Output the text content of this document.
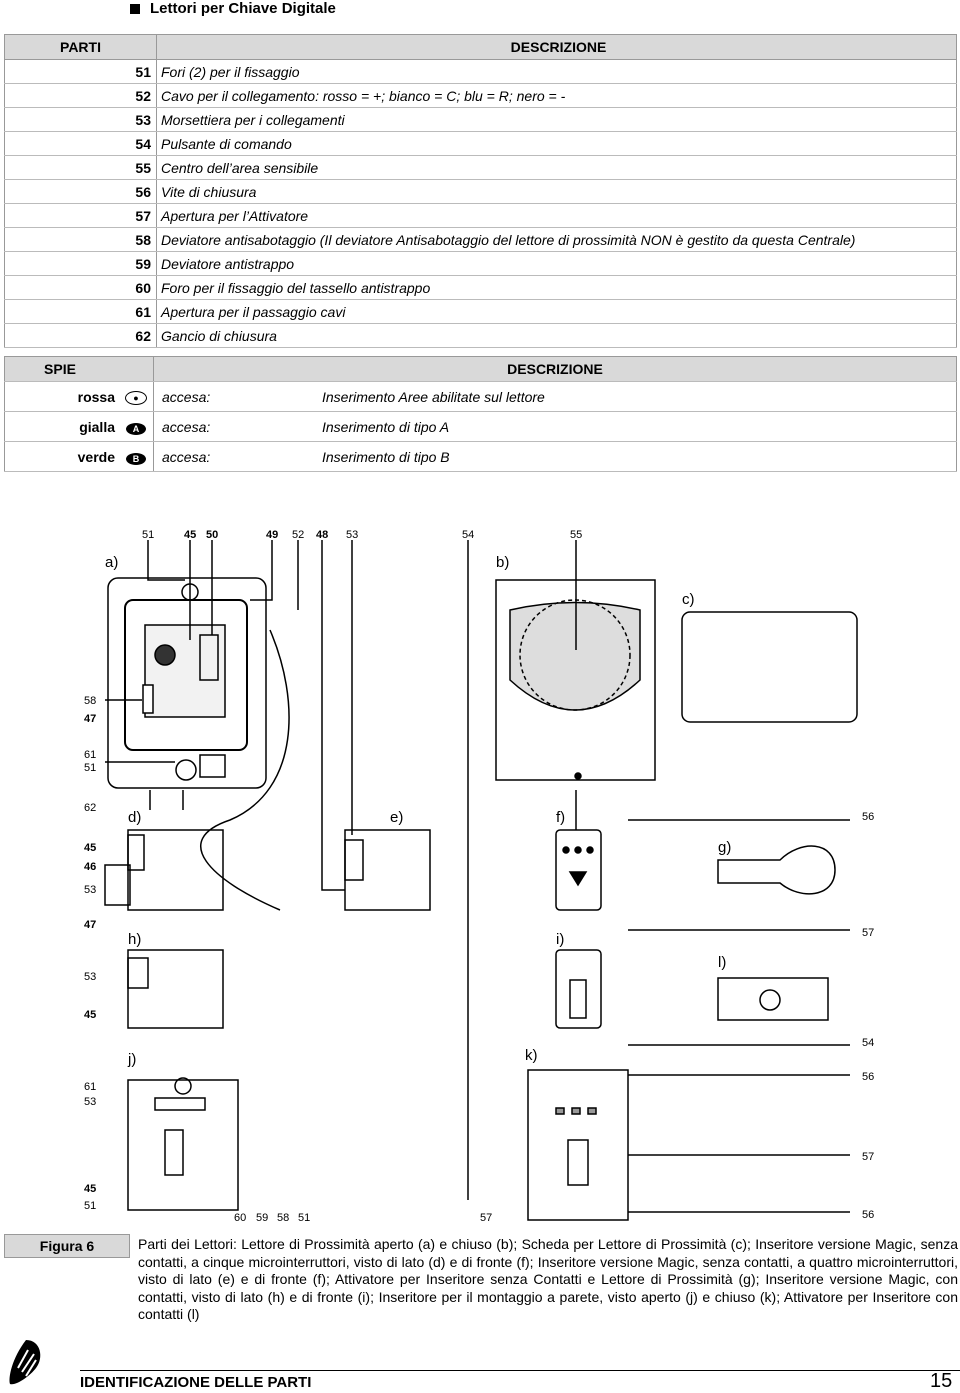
Lettori per Chiave Digitale
PARTI	DESCRIZIONE
51	Fori (2) per il fissaggio
52	Cavo per il collegamento: rosso = +; bianco = C; blu = R; nero = -
53	Morsettiera per i collegamenti
54	Pulsante di comando
55	Centro dell’area sensibile
56	Vite di chiusura
57	Apertura per l’Attivatore
58	Deviatore antisabotaggio (Il deviatore Antisabotaggio del lettore di prossimità NON è gestito da questa Centrale)
59	Deviatore antistrappo
60	Foro per il fissaggio del tassello antistrappo
61	Apertura per il passaggio cavi
62	Gancio di chiusura
SPIE		DESCRIZIONE	
rossa	●	accesa:	Inserimento Aree abilitate sul lettore
gialla	A	accesa:	Inserimento di tipo A
verde	B	accesa:	Inserimento di tipo B
a)	b)
c)
d)	e)	f)
g)
h)	i)
l)
j)	k)
51	45 50	49 52 48 53	54	55
58
47
61
51
62
45
46
53
47
53
45
61
53
45
51
56
57
54
56
57
56
60 59 58 51	57
Figura 6	Parti dei Lettori: Lettore di Prossimità aperto (a) e chiuso (b); Scheda per Lettore di Prossimità (c); Inseritore versione Magic, senza contatti, a cinque microinterruttori, visto di lato (d) e di fronte (f); Inseritore versione Magic, senza contatti, a quattro microinterruttori, visto di lato (e) e di fronte (f); Attivatore per Inseritore senza Contatti e Lettore di Prossimità (g); Inseritore versione Magic, con contatti, visto di lato (h) e di fronte (i); Inseritore per il montaggio a parete, visto aperto (j) e chiuso (k); Attivatore per Inseritore con contatti (l)
IDENTIFICAZIONE DELLE PARTI	15
